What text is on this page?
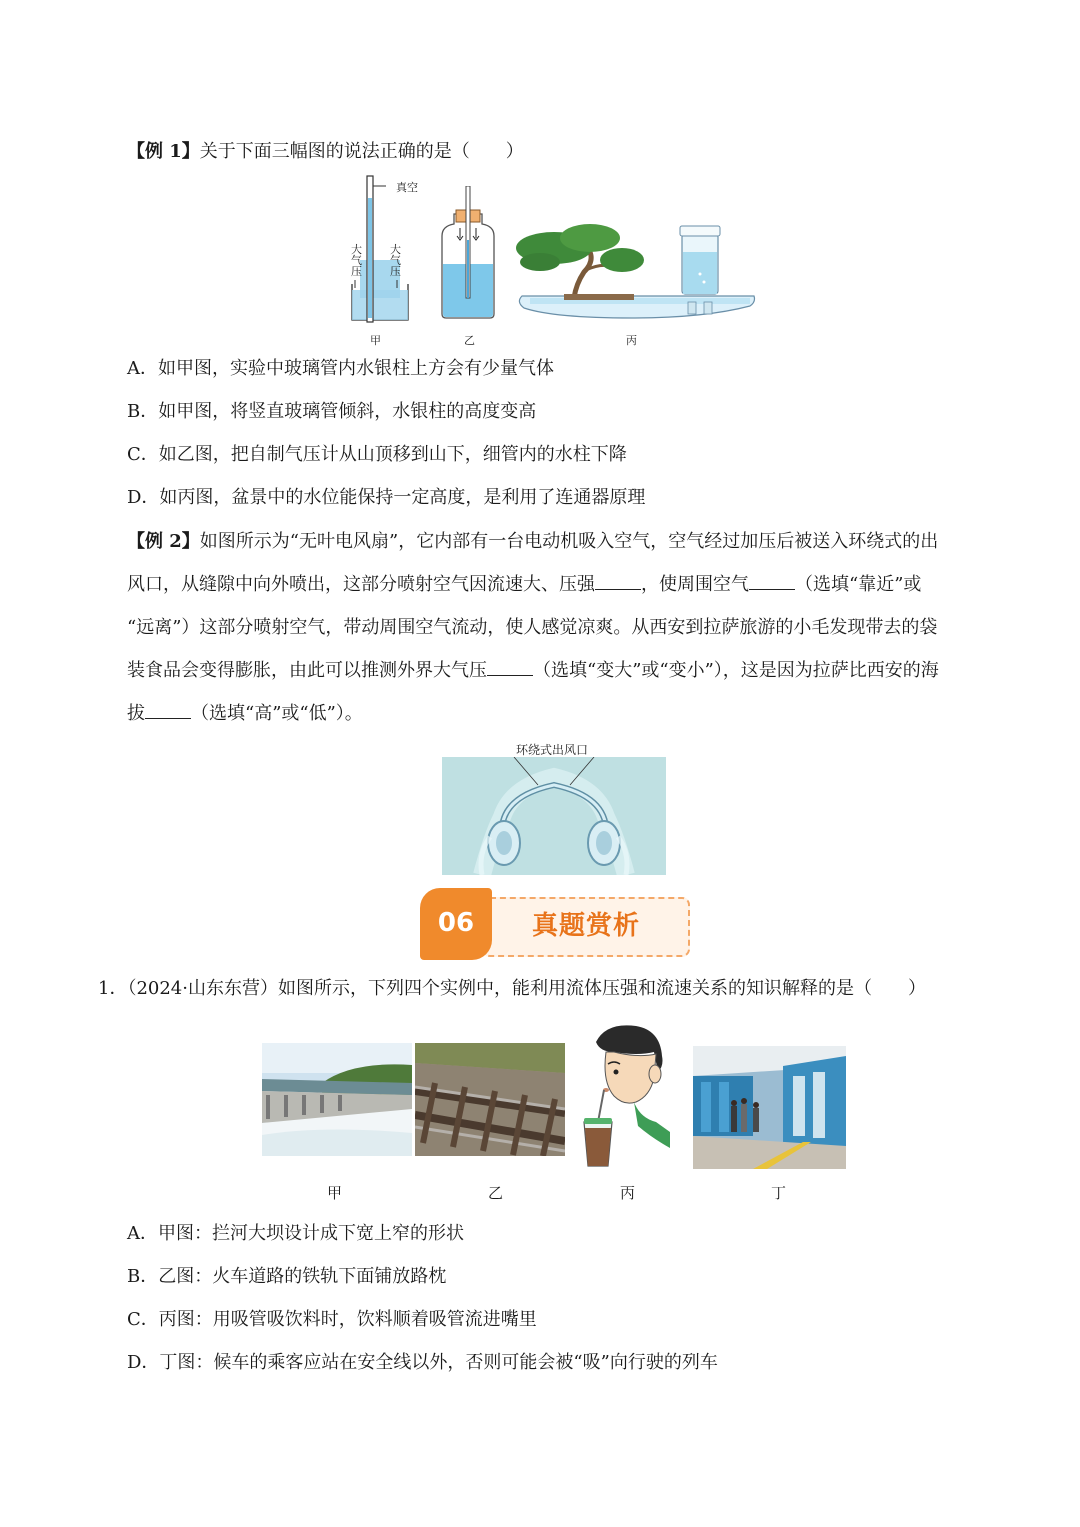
【例 1】关于下面三幅图的说法正确的是（　　）
真空
大气压
大气压
甲	乙	丙
A．如甲图，实验中玻璃管内水银柱上方会有少量气体
B．如甲图，将竖直玻璃管倾斜，水银柱的高度变高
C．如乙图，把自制气压计从山顶移到山下，细管内的水柱下降
D．如丙图，盆景中的水位能保持一定高度，是利用了连通器原理
【例 2】如图所示为“无叶电风扇”，它内部有一台电动机吸入空气，空气经过加压后被送入环绕式的出
风口，从缝隙中向外喷出，这部分喷射空气因流速大、压强	，使周围空气	（选填“靠近”或
“远离”）这部分喷射空气，带动周围空气流动，使人感觉凉爽。从西安到拉萨旅游的小毛发现带去的袋
装食品会变得膨胀，由此可以推测外界大气压	（选填“变大”或“变小”），这是因为拉萨比西安的海
拔	（选填“高”或“低”）。
环绕式出风口
06	真题赏析
1．（2024·山东东营）如图所示，下列四个实例中，能利用流体压强和流速关系的知识解释的是（　　）
甲	乙	丙	丁
A．甲图：拦河大坝设计成下宽上窄的形状
B．乙图：火车道路的铁轨下面铺放路枕
C．丙图：用吸管吸饮料时，饮料顺着吸管流进嘴里
D．丁图：候车的乘客应站在安全线以外，否则可能会被“吸”向行驶的列车
